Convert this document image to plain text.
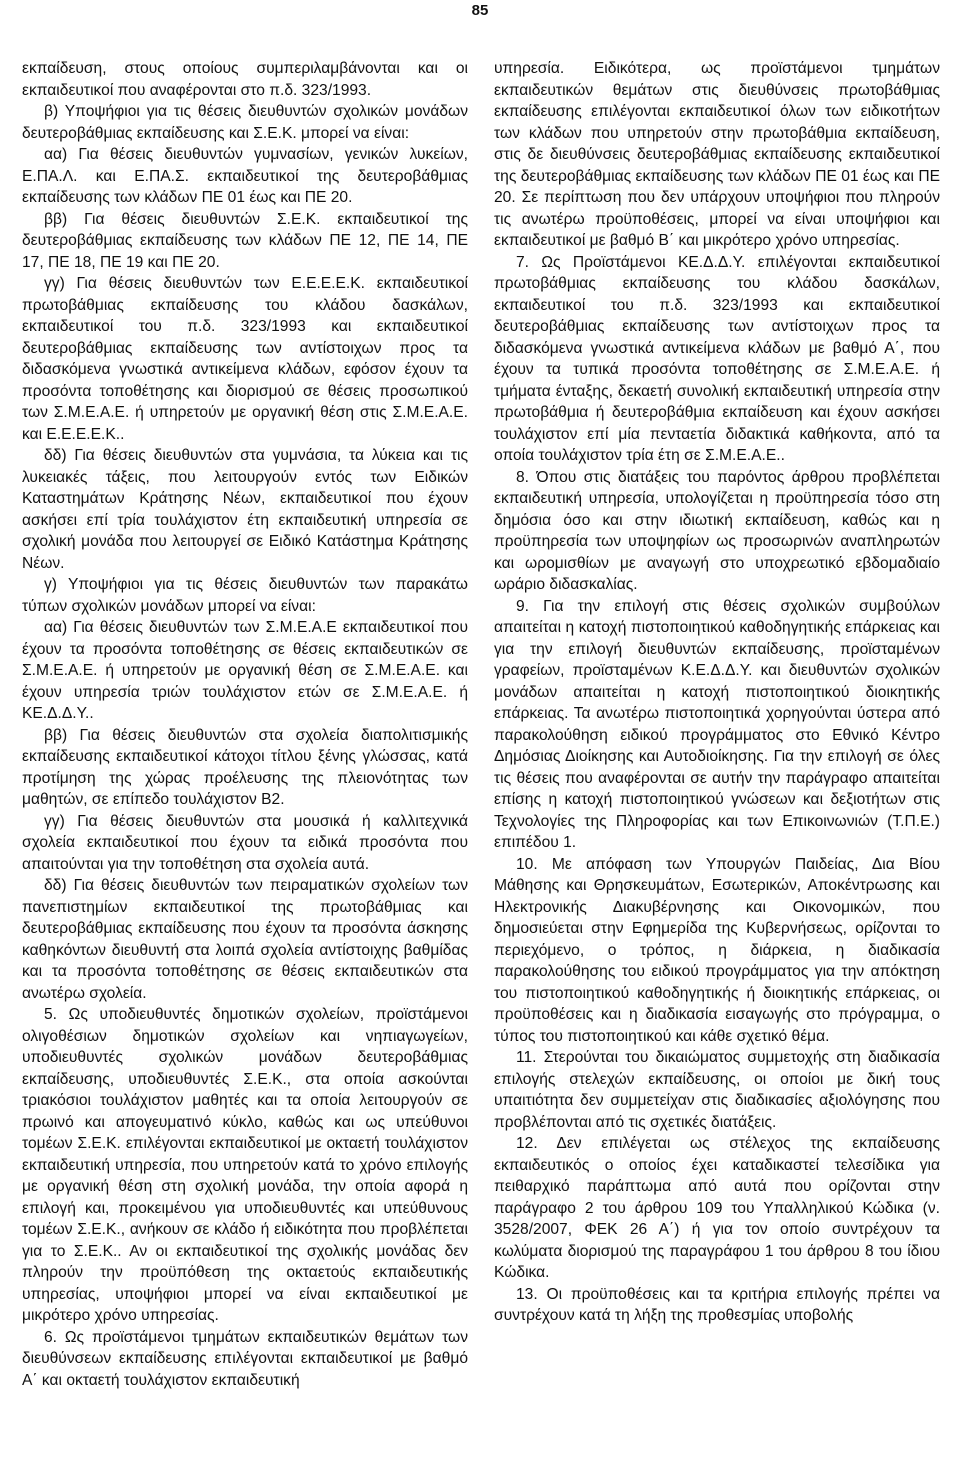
85

εκπαίδευση, στους οποίους συμπεριλαμβάνονται και οι εκπαιδευτικοί που αναφέρονται στο π.δ. 323/1993.

β) Υποψήφιοι για τις θέσεις διευθυντών σχολικών μονάδων δευτεροβάθμιας εκπαίδευσης και Σ.Ε.Κ. μπορεί να είναι:

αα) Για θέσεις διευθυντών γυμνασίων, γενικών λυκείων, Ε.ΠΑ.Λ. και Ε.ΠΑ.Σ. εκπαιδευτικοί της δευτεροβάθμιας εκπαίδευσης των κλάδων ΠΕ 01 έως και ΠΕ 20.

ββ) Για θέσεις διευθυντών Σ.Ε.Κ. εκπαιδευτικοί της δευτεροβάθμιας εκπαίδευσης των κλάδων ΠΕ 12, ΠΕ 14, ΠΕ 17, ΠΕ 18, ΠΕ 19 και ΠΕ 20.

γγ) Για θέσεις διευθυντών των Ε.Ε.Ε.Ε.Κ. εκπαιδευτικοί πρωτοβάθμιας εκπαίδευσης του κλάδου δασκάλων, εκπαιδευτικοί του π.δ. 323/1993 και εκπαιδευτικοί δευτεροβάθμιας εκπαίδευσης των αντίστοιχων προς τα διδασκόμενα γνωστικά αντικείμενα κλάδων, εφόσον έχουν τα προσόντα τοποθέτησης και διορισμού σε θέσεις προσωπικού των Σ.Μ.Ε.Α.Ε. ή υπηρετούν με οργανική θέση στις Σ.Μ.Ε.Α.Ε. και Ε.Ε.Ε.Ε.Κ..

δδ) Για θέσεις διευθυντών στα γυμνάσια, τα λύκεια και τις λυκειακές τάξεις, που λειτουργούν εντός των Ειδικών Καταστημάτων Κράτησης Νέων, εκπαιδευτικοί που έχουν ασκήσει επί τρία τουλάχιστον έτη εκπαιδευτική υπηρεσία σε σχολική μονάδα που λειτουργεί σε Ειδικό Κατάστημα Κράτησης Νέων.

γ) Υποψήφιοι για τις θέσεις διευθυντών των παρακάτω τύπων σχολικών μονάδων μπορεί να είναι:

αα) Για θέσεις διευθυντών των Σ.Μ.Ε.Α.Ε εκπαιδευτικοί που έχουν τα προσόντα τοποθέτησης σε θέσεις εκπαιδευτικών σε Σ.Μ.Ε.Α.Ε. ή υπηρετούν με οργανική θέση σε Σ.Μ.Ε.Α.Ε. και έχουν υπηρεσία τριών τουλάχιστον ετών σε Σ.Μ.Ε.Α.Ε. ή ΚΕ.Δ.Δ.Υ..

ββ) Για θέσεις διευθυντών στα σχολεία διαπολιτισμικής εκπαίδευσης εκπαιδευτικοί κάτοχοι τίτλου ξένης γλώσσας, κατά προτίμηση της χώρας προέλευσης της πλειονότητας των μαθητών, σε επίπεδο τουλάχιστον Β2.

γγ) Για θέσεις διευθυντών στα μουσικά ή καλλιτεχνικά σχολεία εκπαιδευτικοί που έχουν τα ειδικά προσόντα που απαιτούνται για την τοποθέτηση στα σχολεία αυτά.

δδ) Για θέσεις διευθυντών των πειραματικών σχολείων των πανεπιστημίων εκπαιδευτικοί της πρωτοβάθμιας και δευτεροβάθμιας εκπαίδευσης που έχουν τα προσόντα άσκησης καθηκόντων διευθυντή στα λοιπά σχολεία αντίστοιχης βαθμίδας και τα προσόντα τοποθέτησης σε θέσεις εκπαιδευτικών στα ανωτέρω σχολεία.

5. Ως υποδιευθυντές δημοτικών σχολείων, προϊστάμενοι ολιγοθέσιων δημοτικών σχολείων και νηπιαγωγείων, υποδιευθυντές σχολικών μονάδων δευτεροβάθμιας εκπαίδευσης, υποδιευθυντές Σ.Ε.Κ., στα οποία ασκούνται τριακόσιοι τουλάχιστον μαθητές και τα οποία λειτουργούν σε πρωινό και απογευματινό κύκλο, καθώς και ως υπεύθυνοι τομέων Σ.Ε.Κ. επιλέγονται εκπαιδευτικοί με οκταετή τουλάχιστον εκπαιδευτική υπηρεσία, που υπηρετούν κατά το χρόνο επιλογής με οργανική θέση στη σχολική μονάδα, την οποία αφορά η επιλογή και, προκειμένου για υποδιευθυντές και υπεύθυνους τομέων Σ.Ε.Κ., ανήκουν σε κλάδο ή ειδικότητα που προβλέπεται για το Σ.Ε.Κ.. Αν οι εκπαιδευτικοί της σχολικής μονάδας δεν πληρούν την προϋπόθεση της οκταετούς εκπαιδευτικής υπηρεσίας, υποψήφιοι μπορεί να είναι εκπαιδευτικοί με μικρότερο χρόνο υπηρεσίας.

6. Ως προϊστάμενοι τμημάτων εκπαιδευτικών θεμάτων των διευθύνσεων εκπαίδευσης επιλέγονται εκπαιδευτικοί με βαθμό Α΄ και οκταετή τουλάχιστον εκπαιδευτική

υπηρεσία. Ειδικότερα, ως προϊστάμενοι τμημάτων εκπαιδευτικών θεμάτων στις διευθύνσεις πρωτοβάθμιας εκπαίδευσης επιλέγονται εκπαιδευτικοί όλων των ειδικοτήτων των κλάδων που υπηρετούν στην πρωτοβάθμια εκπαίδευση, στις δε διευθύνσεις δευτεροβάθμιας εκπαίδευσης εκπαιδευτικοί της δευτεροβάθμιας εκπαίδευσης των κλάδων ΠΕ 01 έως και ΠΕ 20. Σε περίπτωση που δεν υπάρχουν υποψήφιοι που πληρούν τις ανωτέρω προϋποθέσεις, μπορεί να είναι υποψήφιοι και εκπαιδευτικοί με βαθμό Β΄ και μικρότερο χρόνο υπηρεσίας.

7. Ως Προϊστάμενοι ΚΕ.Δ.Δ.Υ. επιλέγονται εκπαιδευτικοί πρωτοβάθμιας εκπαίδευσης του κλάδου δασκάλων, εκπαιδευτικοί του π.δ. 323/1993 και εκπαιδευτικοί δευτεροβάθμιας εκπαίδευσης των αντίστοιχων προς τα διδασκόμενα γνωστικά αντικείμενα κλάδων με βαθμό Α΄, που έχουν τα τυπικά προσόντα τοποθέτησης σε Σ.Μ.Ε.Α.Ε. ή τμήματα ένταξης, δεκαετή συνολική εκπαιδευτική υπηρεσία στην πρωτοβάθμια ή δευτεροβάθμια εκπαίδευση και έχουν ασκήσει τουλάχιστον επί μία πενταετία διδακτικά καθήκοντα, από τα οποία τουλάχιστον τρία έτη σε Σ.Μ.Ε.Α.Ε..

8. Όπου στις διατάξεις του παρόντος άρθρου προβλέπεται εκπαιδευτική υπηρεσία, υπολογίζεται η προϋπηρεσία τόσο στη δημόσια όσο και στην ιδιωτική εκπαίδευση, καθώς και η προϋπηρεσία των υποψηφίων ως προσωρινών αναπληρωτών και ωρομισθίων με αναγωγή στο υποχρεωτικό εβδομαδιαίο ωράριο διδασκαλίας.

9. Για την επιλογή στις θέσεις σχολικών συμβούλων απαιτείται η κατοχή πιστοποιητικού καθοδηγητικής επάρκειας και για την επιλογή διευθυντών εκπαίδευσης, προϊσταμένων γραφείων, προϊσταμένων Κ.Ε.Δ.Δ.Υ. και διευθυντών σχολικών μονάδων απαιτείται η κατοχή πιστοποιητικού διοικητικής επάρκειας. Τα ανωτέρω πιστοποιητικά χορηγούνται ύστερα από παρακολούθηση ειδικού προγράμματος στο Εθνικό Κέντρο Δημόσιας Διοίκησης και Αυτοδιοίκησης. Για την επιλογή σε όλες τις θέσεις που αναφέρονται σε αυτήν την παράγραφο απαιτείται επίσης η κατοχή πιστοποιητικού γνώσεων και δεξιοτήτων στις Τεχνολογίες της Πληροφορίας και των Επικοινωνιών (Τ.Π.Ε.) επιπέδου 1.

10. Με απόφαση των Υπουργών Παιδείας, Δια Βίου Μάθησης και Θρησκευμάτων, Εσωτερικών, Αποκέντρωσης και Ηλεκτρονικής Διακυβέρνησης και Οικονομικών, που δημοσιεύεται στην Εφημερίδα της Κυβερνήσεως, ορίζονται το περιεχόμενο, ο τρόπος, η διάρκεια, η διαδικασία παρακολούθησης του ειδικού προγράμματος για την απόκτηση του πιστοποιητικού καθοδηγητικής ή διοικητικής επάρκειας, οι προϋποθέσεις και η διαδικασία εισαγωγής στο πρόγραμμα, ο τύπος του πιστοποιητικού και κάθε σχετικό θέμα.

11. Στερούνται του δικαιώματος συμμετοχής στη διαδικασία επιλογής στελεχών εκπαίδευσης, οι οποίοι με δική τους υπαιτιότητα δεν συμμετείχαν στις διαδικασίες αξιολόγησης που προβλέπονται από τις σχετικές διατάξεις.

12. Δεν επιλέγεται ως στέλεχος της εκπαίδευσης εκπαιδευτικός ο οποίος έχει καταδικαστεί τελεσίδικα για πειθαρχικό παράπτωμα από αυτά που ορίζονται στην παράγραφο 2 του άρθρου 109 του Υπαλληλικού Κώδικα (ν. 3528/2007, ΦΕΚ 26 Α΄) ή για τον οποίο συντρέχουν τα κωλύματα διορισμού της παραγράφου 1 του άρθρου 8 του ίδιου Κώδικα.

13. Οι προϋποθέσεις και τα κριτήρια επιλογής πρέπει να συντρέχουν κατά τη λήξη της προθεσμίας υποβολής
